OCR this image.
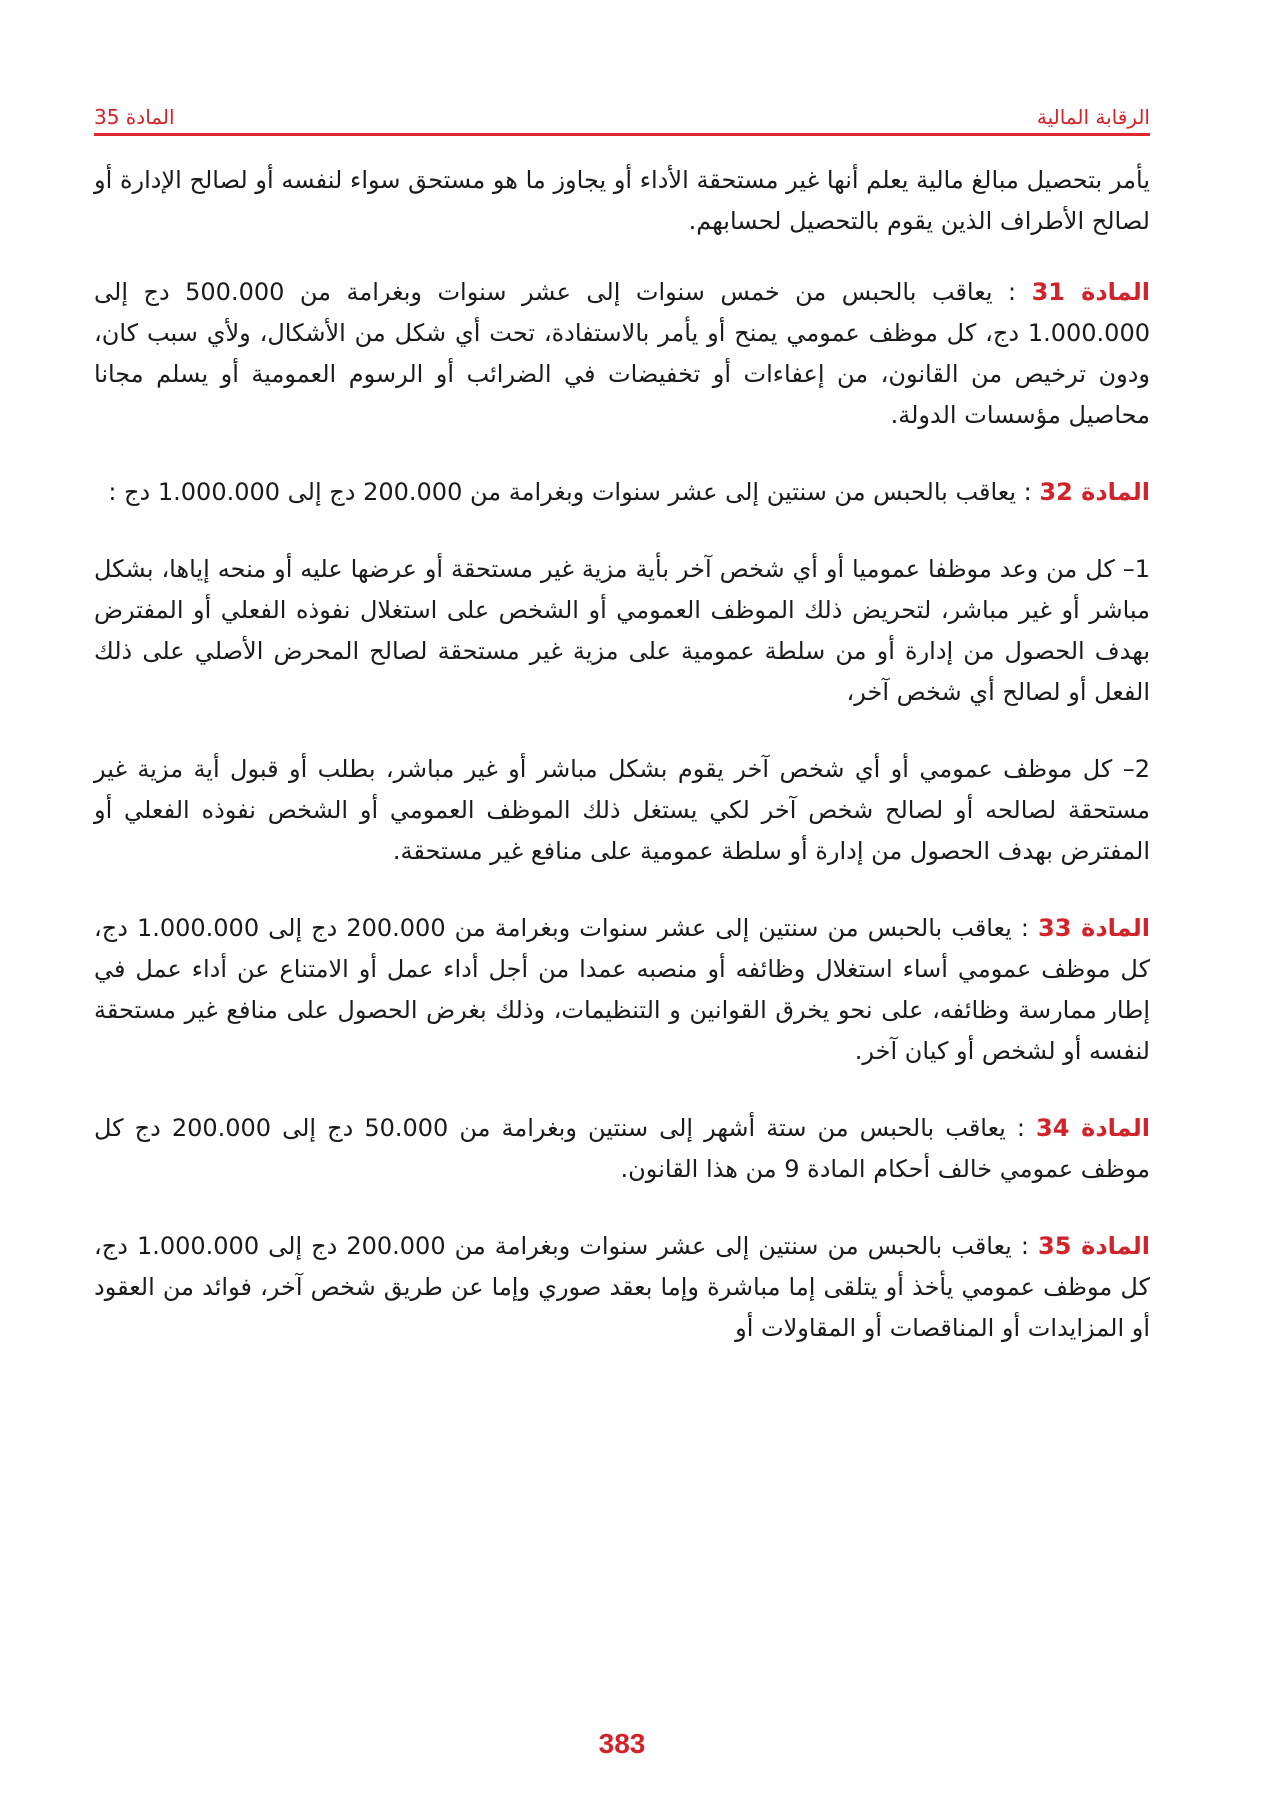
الرقابة المالية
المادة 35

يأمر بتحصيل مبالغ مالية يعلم أنها غير مستحقة الأداء أو يجاوز ما هو مستحق سواء لنفسه أو لصالح الإدارة أو لصالح الأطراف الذين يقوم بالتحصيل لحسابهم.

المادة 31 : يعاقب بالحبس من خمس سنوات إلى عشر سنوات وبغرامة من 500.000 دج إلى 1.000.000 دج، كل موظف عمومي يمنح أو يأمر بالاستفادة، تحت أي شكل من الأشكال، ولأي سبب كان، ودون ترخيص من القانون، من إعفاءات أو تخفيضات في الضرائب أو الرسوم العمومية أو يسلم مجانا محاصيل مؤسسات الدولة.

المادة 32 : يعاقب بالحبس من سنتين إلى عشر سنوات وبغرامة من 200.000 دج إلى 1.000.000 دج :

1– كل من وعد موظفا عموميا أو أي شخص آخر بأية مزية غير مستحقة أو عرضها عليه أو منحه إياها، بشكل مباشر أو غير مباشر، لتحريض ذلك الموظف العمومي أو الشخص على استغلال نفوذه الفعلي أو المفترض بهدف الحصول من إدارة أو من سلطة عمومية على مزية غير مستحقة لصالح المحرض الأصلي على ذلك الفعل أو لصالح أي شخص آخر،

2– كل موظف عمومي أو أي شخص آخر يقوم بشكل مباشر أو غير مباشر، بطلب أو قبول أية مزية غير مستحقة لصالحه أو لصالح شخص آخر لكي يستغل ذلك الموظف العمومي أو الشخص نفوذه الفعلي أو المفترض بهدف الحصول من إدارة أو سلطة عمومية على منافع غير مستحقة.

المادة 33 : يعاقب بالحبس من سنتين إلى عشر سنوات وبغرامة من 200.000 دج إلى 1.000.000 دج، كل موظف عمومي أساء استغلال وظائفه أو منصبه عمدا من أجل أداء عمل أو الامتناع عن أداء عمل في إطار ممارسة وظائفه، على نحو يخرق القوانين و التنظيمات، وذلك بغرض الحصول على منافع غير مستحقة لنفسه أو لشخص أو كيان آخر.

المادة 34 : يعاقب بالحبس من ستة أشهر إلى سنتين وبغرامة من 50.000 دج إلى 200.000 دج كل موظف عمومي خالف أحكام المادة 9 من هذا القانون.

المادة 35 : يعاقب بالحبس من سنتين إلى عشر سنوات وبغرامة من 200.000 دج إلى 1.000.000 دج، كل موظف عمومي يأخذ أو يتلقى إما مباشرة وإما بعقد صوري وإما عن طريق شخص آخر، فوائد من العقود أو المزايدات أو المناقصات أو المقاولات أو

383
